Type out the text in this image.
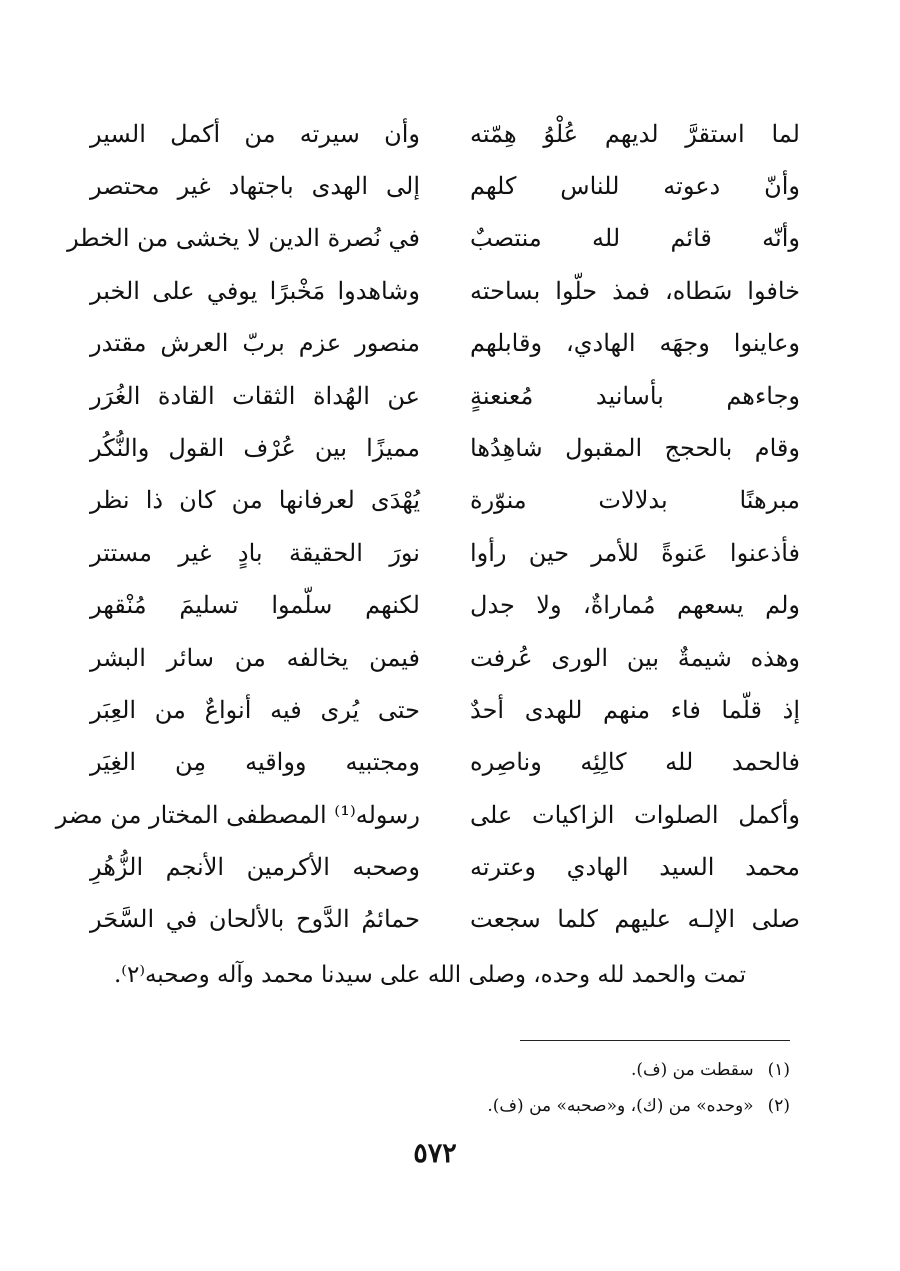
لما استقرَّ لديهم عُلْوُ هِمّته
وأن سيرته من أكمل السير
وأنّ دعوته للناس كلهم
إلى الهدى باجتهاد غير محتصر
وأنّه قائم لله منتصبٌ
في نُصرة الدين لا يخشى من الخطر
خافوا سَطاه، فمذ حلّوا بساحته
وشاهدوا مَخْبرًا يوفي على الخبر
وعاينوا وجهَه الهادي، وقابلهم
منصور عزم بربّ العرش مقتدر
وجاءهم بأسانيد مُعنعنةٍ
عن الهُداة الثقات القادة الغُرَر
وقام بالحجج المقبول شاهِدُها
مميزًا بين عُرْف القول والنُّكُر
مبرهنًا بدلالات منوّرة
يُهْدَى لعرفانها من كان ذا نظر
فأذعنوا عَنوةً للأمر حين رأوا
نورَ الحقيقة بادٍ غير مستتر
ولم يسعهم مُماراةٌ، ولا جدل
لكنهم سلّموا تسليمَ مُنْقهر
وهذه شيمةٌ بين الورى عُرفت
فيمن يخالفه من سائر البشر
إذ قلّما فاء منهم للهدى أحدٌ
حتى يُرى فيه أنواعٌ من العِبَر
فالحمد لله كالِئِه وناصِره
ومجتبيه وواقيه مِن الغِيَر
وأكمل الصلوات الزاكيات على
رسوله⁽¹⁾ المصطفى المختار من مضر
محمد السيد الهادي وعترته
وصحبه الأكرمين الأنجم الزُّهُرِ
صلى الإلـه عليهم كلما سجعت
حمائمُ الدَّوح بالألحان في السَّحَر
تمت والحمد لله وحده، وصلى الله على سيدنا محمد وآله وصحبه⁽٢⁾.
(١)سقطت من (ف).
(٢)«وحده» من (ك)، و«صحبه» من (ف).
٥٧٢
